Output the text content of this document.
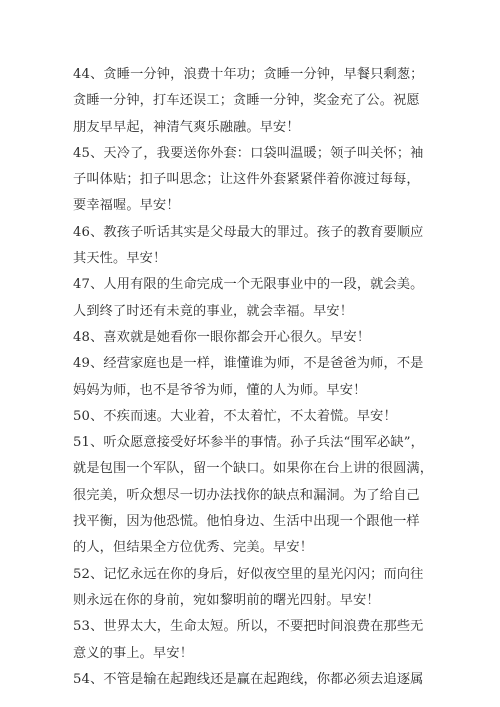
44、贪睡一分钟，浪费十年功；贪睡一分钟，早餐只剩葱；
贪睡一分钟，打车还误工；贪睡一分钟，奖金充了公。祝愿
朋友早早起，神清气爽乐融融。早安！
45、天冷了，我要送你外套：口袋叫温暖；领子叫关怀；袖
子叫体贴；扣子叫思念；让这件外套紧紧伴着你渡过每每，
要幸福喔。早安！
46、教孩子听话其实是父母最大的罪过。孩子的教育要顺应
其天性。早安！
47、人用有限的生命完成一个无限事业中的一段，就会美。
人到终了时还有未竟的事业，就会幸福。早安！
48、喜欢就是她看你一眼你都会开心很久。早安！
49、经营家庭也是一样，谁懂谁为师，不是爸爸为师，不是
妈妈为师，也不是爷爷为师，懂的人为师。早安！
50、不疾而速。大业着，不太着忙，不太着慌。早安！
51、听众愿意接受好坏参半的事情。孙子兵法“围军必缺”，
就是包围一个军队，留一个缺口。如果你在台上讲的很圆满，
很完美，听众想尽一切办法找你的缺点和漏洞。为了给自己
找平衡，因为他恐慌。他怕身边、生活中出现一个跟他一样
的人，但结果全方位优秀、完美。早安！
52、记忆永远在你的身后，好似夜空里的星光闪闪；而向往
则永远在你的身前，宛如黎明前的曙光四射。早安！
53、世界太大，生命太短。所以，不要把时间浪费在那些无
意义的事上。早安！
54、不管是输在起跑线还是赢在起跑线，你都必须去追逐属
